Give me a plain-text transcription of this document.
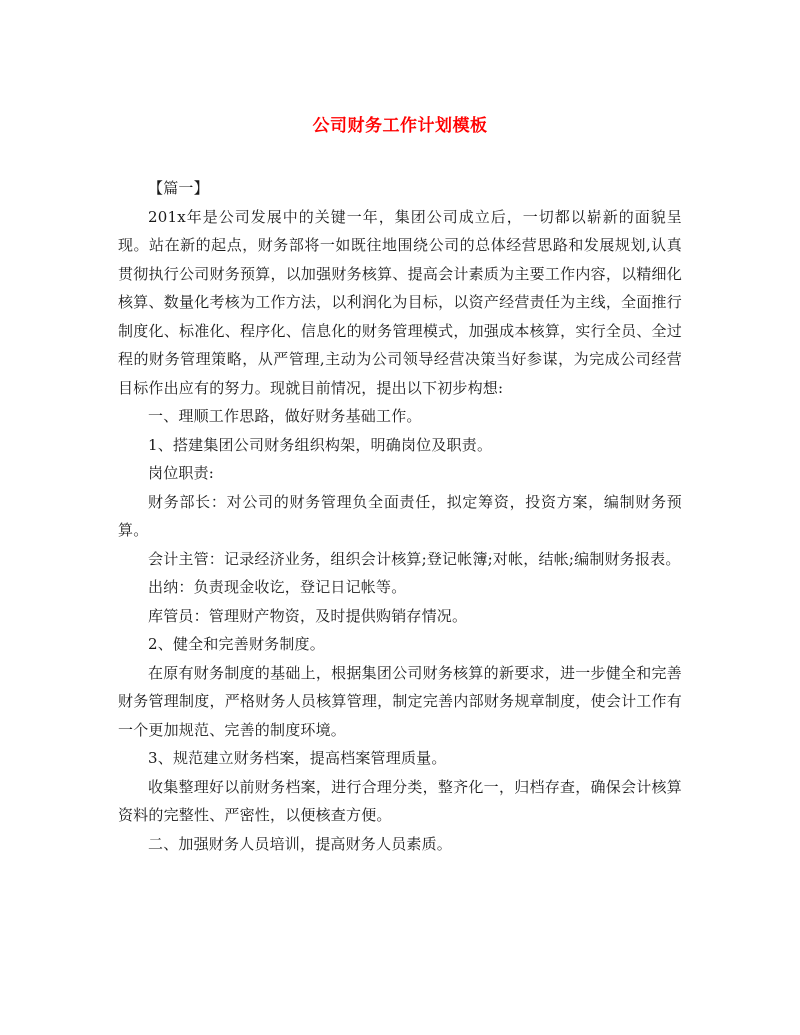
公司财务工作计划模板

【篇一】

201x年是公司发展中的关键一年，集团公司成立后，一切都以崭新的面貌呈现。站在新的起点，财务部将一如既往地围绕公司的总体经营思路和发展规划,认真贯彻执行公司财务预算，以加强财务核算、提高会计素质为主要工作内容，以精细化核算、数量化考核为工作方法，以利润化为目标，以资产经营责任为主线，全面推行制度化、标准化、程序化、信息化的财务管理模式，加强成本核算，实行全员、全过程的财务管理策略，从严管理,主动为公司领导经营决策当好参谋，为完成公司经营目标作出应有的努力。现就目前情况，提出以下初步构想:

一、理顺工作思路，做好财务基础工作。

1、搭建集团公司财务组织构架，明确岗位及职责。

岗位职责:

财务部长：对公司的财务管理负全面责任，拟定筹资，投资方案，编制财务预算。

会计主管：记录经济业务，组织会计核算;登记帐簿;对帐，结帐;编制财务报表。

出纳：负责现金收讫，登记日记帐等。

库管员：管理财产物资，及时提供购销存情况。

2、健全和完善财务制度。

在原有财务制度的基础上，根据集团公司财务核算的新要求，进一步健全和完善财务管理制度，严格财务人员核算管理，制定完善内部财务规章制度，使会计工作有一个更加规范、完善的制度环境。

3、规范建立财务档案，提高档案管理质量。

收集整理好以前财务档案，进行合理分类，整齐化一，归档存查，确保会计核算资料的完整性、严密性，以便核查方便。

二、加强财务人员培训，提高财务人员素质。
